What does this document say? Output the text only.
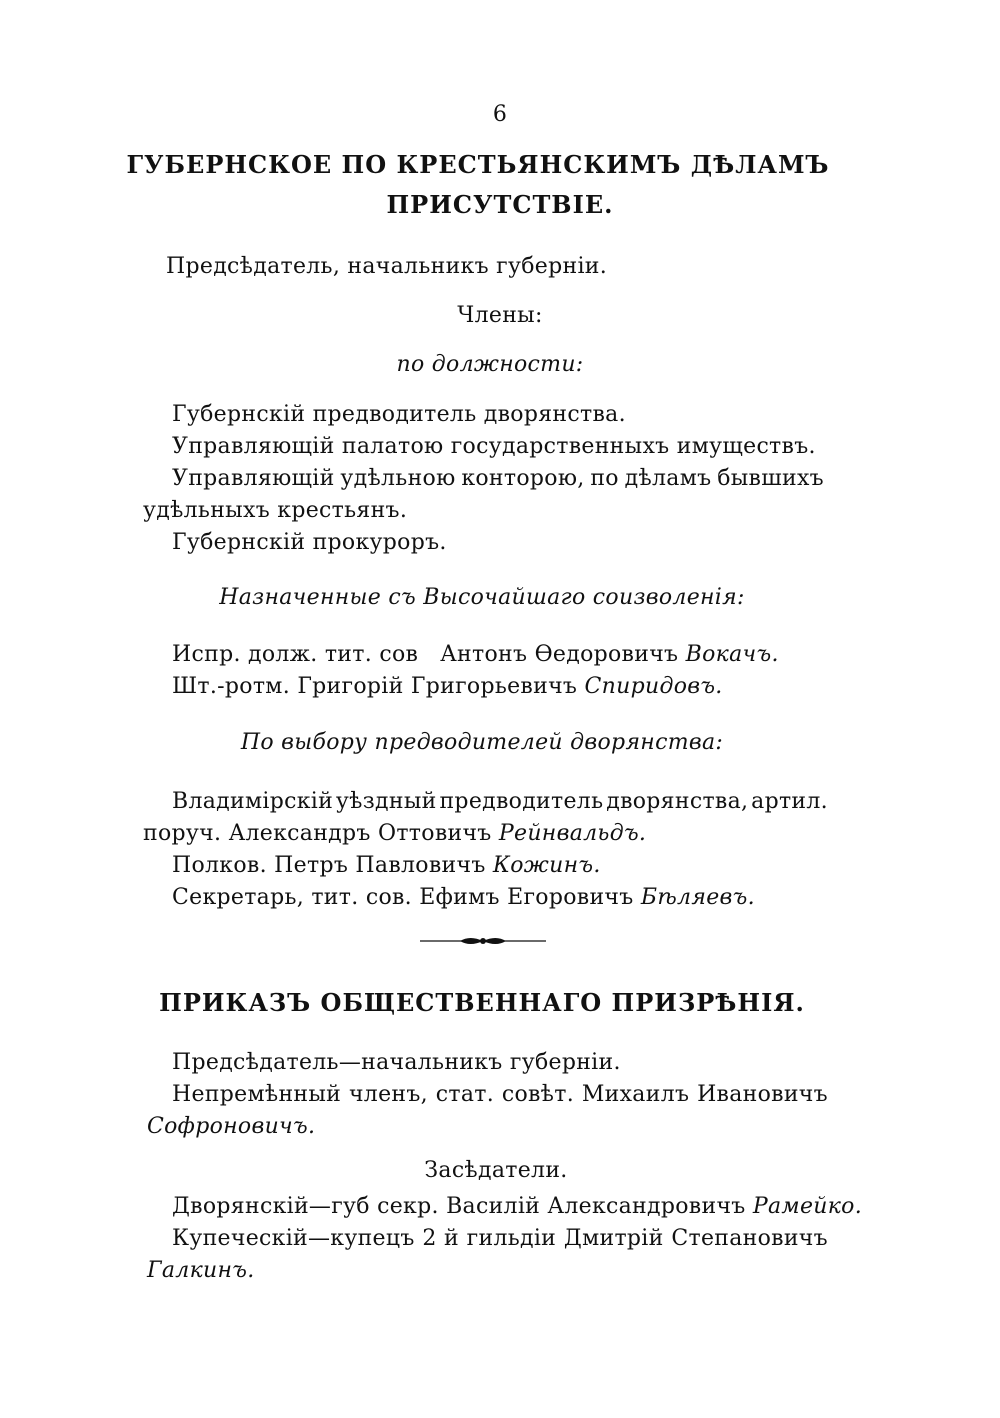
6
ГУБЕРНСКОЕ ПО КРЕСТЬЯНСКИМЪ ДѢЛАМЪ
ПРИСУТСТВІЕ.
Предсѣдатель, начальникъ губерніи.
Члены:
по должности:
Губернскій предводитель дворянства.
Управляющій палатою государственныхъ имуществъ.
Управляющій удѣльною конторою, по дѣламъ бывшихъ
удѣльныхъ крестьянъ.
Губернскій прокуроръ.
Назначенные съ Высочайшаго соизволенія:
Испр. долж. тит. сов Антонъ Ѳедоровичъ Вокачъ.
Шт.-ротм. Григорій Григорьевичъ Спиридовъ.
По выбору предводителей дворянства:
Владимірскій уѣздный предводитель дворянства, артил.
поруч. Александръ Оттовичъ Рейнвальдъ.
Полков. Петръ Павловичъ Кожинъ.
Секретарь, тит. сов. Ефимъ Егоровичъ Бѣляевъ.
ПРИКАЗЪ ОБЩЕСТВЕННАГО ПРИЗРѢНІЯ.
Предсѣдатель—начальникъ губерніи.
Непремѣнный членъ, стат. совѣт. Михаилъ Ивановичъ
Софроновичъ.
Засѣдатели.
Дворянскій—губ секр. Василій Александровичъ Рамейко.
Купеческій—купецъ 2 й гильдіи Дмитрій Степановичъ
Галкинъ.
